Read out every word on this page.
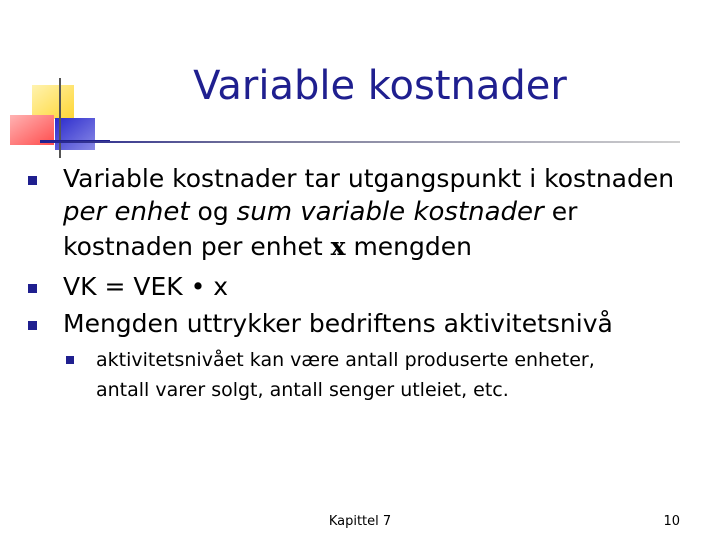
Variable kostnader
Variable kostnader tar utgangspunkt i kostnaden
per enhet og sum variable kostnader er
kostnaden per enhet x mengden
VK = VEK • x
Mengden uttrykker bedriftens aktivitetsnivå
aktivitetsnivået kan være antall produserte enheter,
antall varer solgt, antall senger utleiet, etc.
Kapittel 7	10
